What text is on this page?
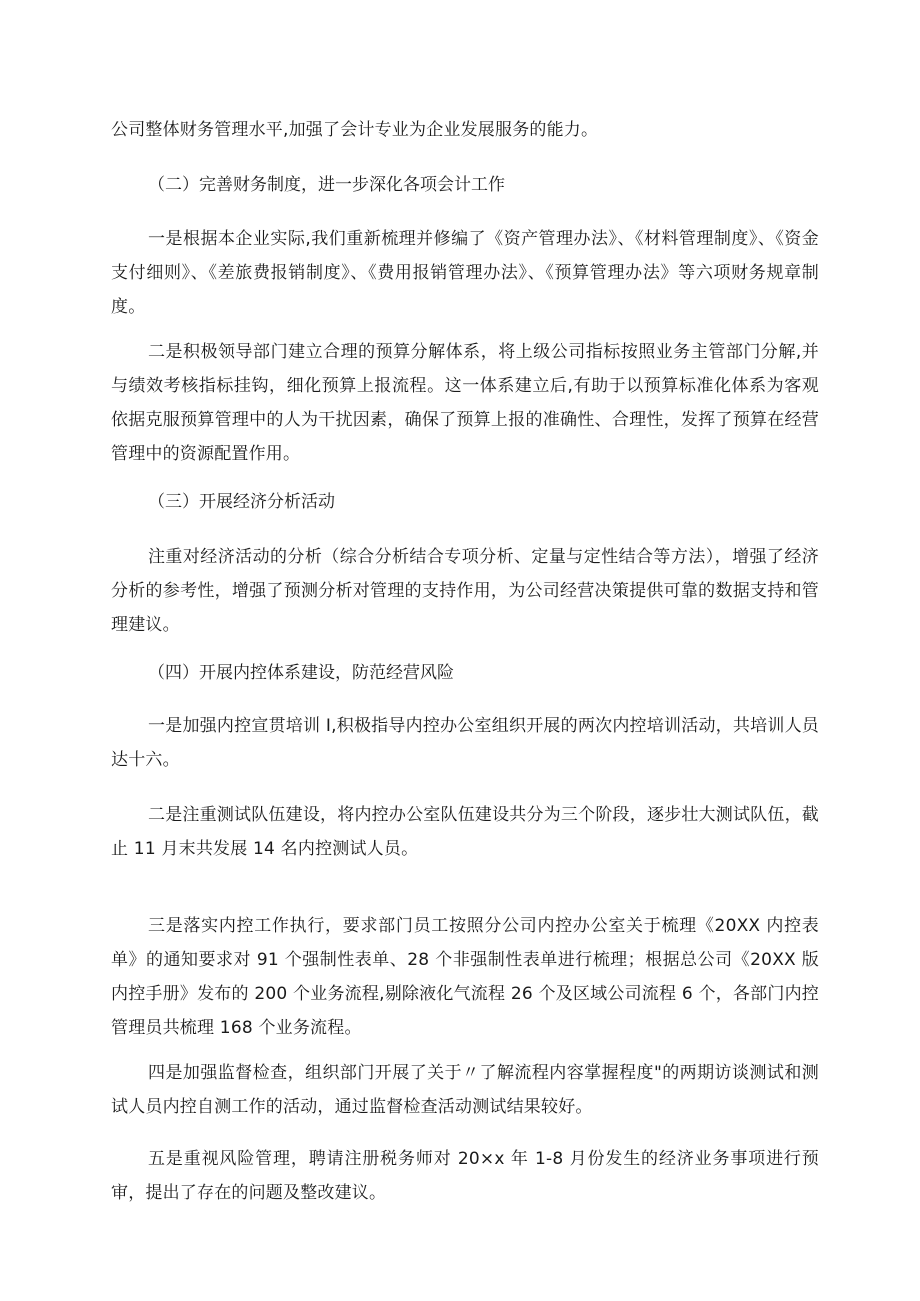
公司整体财务管理水平,加强了会计专业为企业发展服务的能力。

（二）完善财务制度，进一步深化各项会计工作

一是根据本企业实际,我们重新梳理并修编了《资产管理办法》、《材料管理制度》、《资金支付细则》、《差旅费报销制度》、《费用报销管理办法》、《预算管理办法》等六项财务规章制度。

二是积极领导部门建立合理的预算分解体系，将上级公司指标按照业务主管部门分解,并与绩效考核指标挂钩，细化预算上报流程。这一体系建立后,有助于以预算标准化体系为客观依据克服预算管理中的人为干扰因素，确保了预算上报的准确性、合理性，发挥了预算在经营管理中的资源配置作用。

（三）开展经济分析活动

注重对经济活动的分析（综合分析结合专项分析、定量与定性结合等方法），增强了经济分析的参考性，增强了预测分析对管理的支持作用，为公司经营决策提供可靠的数据支持和管理建议。

（四）开展内控体系建设，防范经营风险

一是加强内控宣贯培训 I,积极指导内控办公室组织开展的两次内控培训活动，共培训人员达十六。

二是注重测试队伍建设，将内控办公室队伍建设共分为三个阶段，逐步壮大测试队伍，截止 11 月末共发展 14 名内控测试人员。

三是落实内控工作执行，要求部门员工按照分公司内控办公室关于梳理《20XX 内控表单》的通知要求对 91 个强制性表单、28 个非强制性表单进行梳理；根据总公司《20XX 版内控手册》发布的 200 个业务流程,剔除液化气流程 26 个及区域公司流程 6 个，各部门内控管理员共梳理 168 个业务流程。

四是加强监督检查，组织部门开展了关于〃了解流程内容掌握程度"的两期访谈测试和测试人员内控自测工作的活动，通过监督检查活动测试结果较好。

五是重视风险管理，聘请注册税务师对 20×x 年 1-8 月份发生的经济业务事项进行预审，提出了存在的问题及整改建议。
